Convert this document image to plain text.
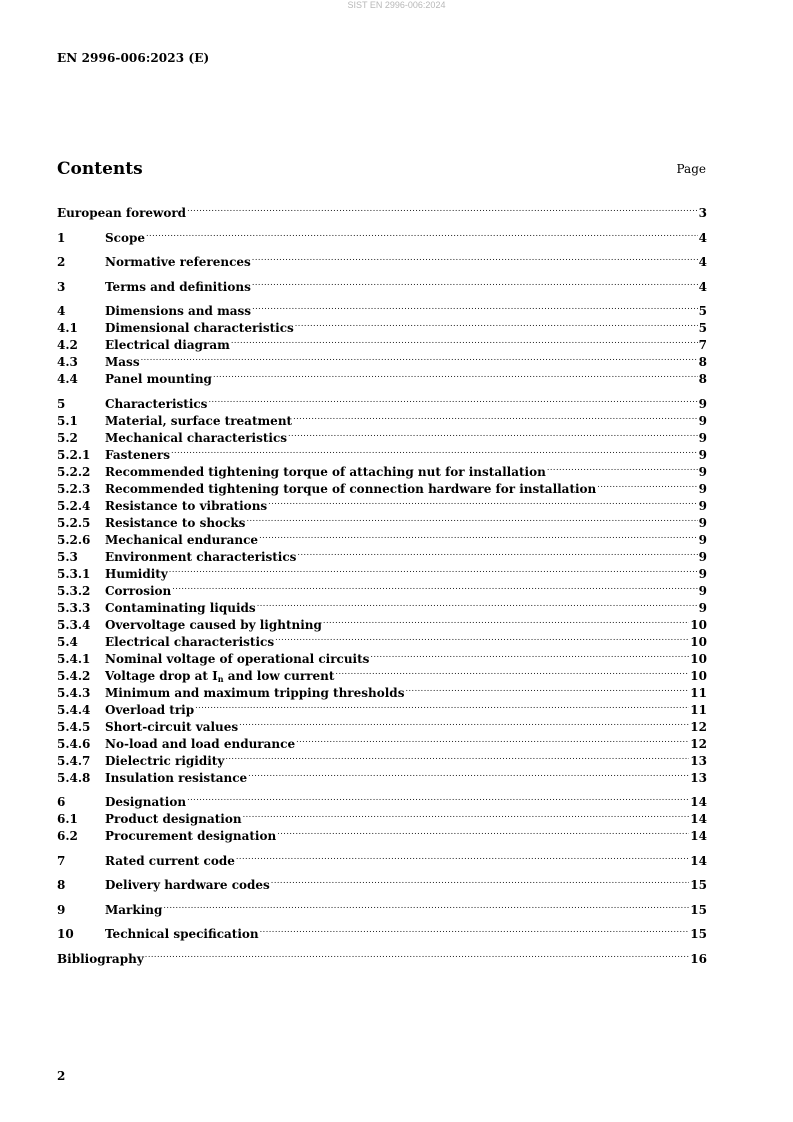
SIST EN 2996-006:2024
EN 2996-006:2023 (E)
Contents	Page
European foreword .....	3
1	Scope .....	4
2	Normative references .....	4
3	Terms and definitions .....	4
4	Dimensions and mass .....	5
4.1	Dimensional characteristics .....	5
4.2	Electrical diagram .....	7
4.3	Mass .....	8
4.4	Panel mounting .....	8
5	Characteristics .....	9
5.1	Material, surface treatment .....	9
5.2	Mechanical characteristics .....	9
5.2.1	Fasteners .....	9
5.2.2	Recommended tightening torque of attaching nut for installation .....	9
5.2.3	Recommended tightening torque of connection hardware for installation .....	9
5.2.4	Resistance to vibrations .....	9
5.2.5	Resistance to shocks .....	9
5.2.6	Mechanical endurance .....	9
5.3	Environment characteristics .....	9
5.3.1	Humidity .....	9
5.3.2	Corrosion .....	9
5.3.3	Contaminating liquids .....	9
5.3.4	Overvoltage caused by lightning .....	10
5.4	Electrical characteristics .....	10
5.4.1	Nominal voltage of operational circuits .....	10
5.4.2	Voltage drop at In and low current .....	10
5.4.3	Minimum and maximum tripping thresholds .....	11
5.4.4	Overload trip .....	11
5.4.5	Short-circuit values .....	12
5.4.6	No-load and load endurance .....	12
5.4.7	Dielectric rigidity .....	13
5.4.8	Insulation resistance .....	13
6	Designation .....	14
6.1	Product designation .....	14
6.2	Procurement designation .....	14
7	Rated current code .....	14
8	Delivery hardware codes .....	15
9	Marking .....	15
10	Technical specification .....	15
Bibliography .....	16
2
